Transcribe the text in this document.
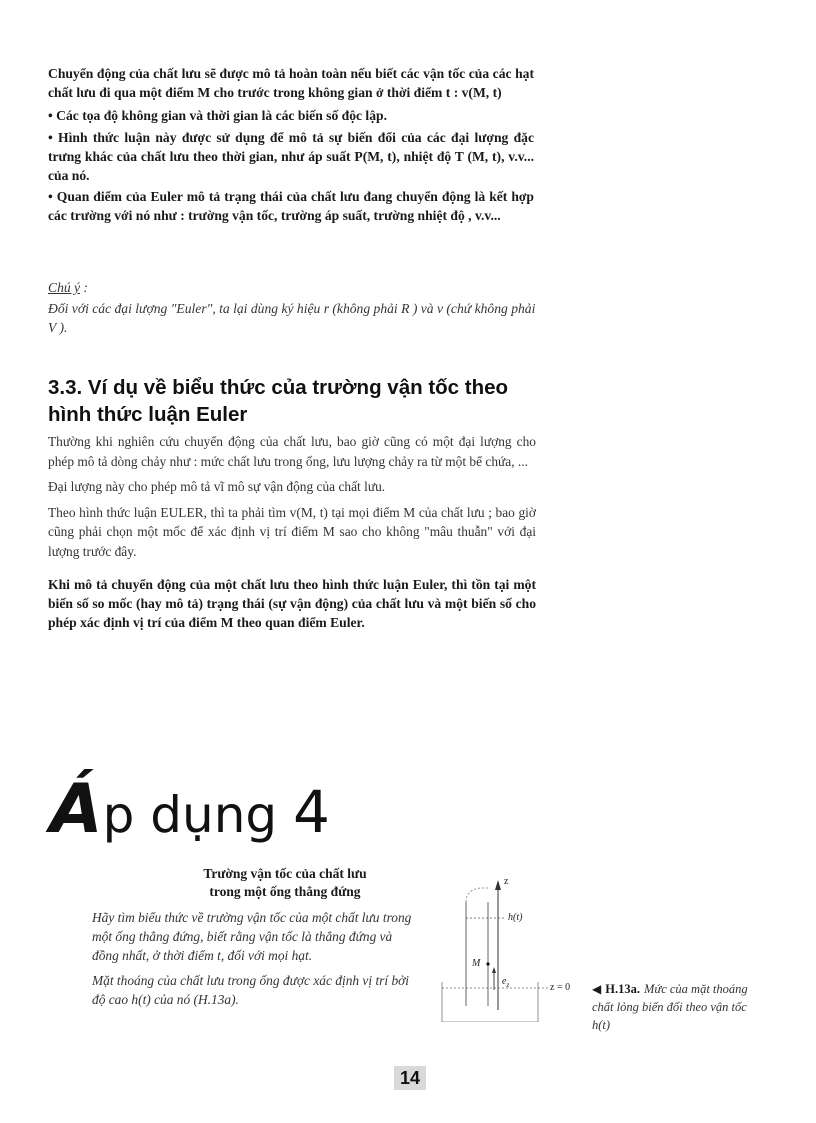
Chuyển động của chất lưu sẽ được mô tả hoàn toàn nếu biết các vận tốc của các hạt chất lưu đi qua một điểm M cho trước trong không gian ở thời điểm t : v(M, t)

• Các tọa độ không gian và thời gian là các biến số độc lập.

• Hình thức luận này được sử dụng để mô tả sự biến đổi của các đại lượng đặc trưng khác của chất lưu theo thời gian, như áp suất P(M, t), nhiệt độ T (M, t), v.v... của nó.

• Quan điểm của Euler mô tả trạng thái của chất lưu đang chuyển động là kết hợp các trường với nó như : trường vận tốc, trường áp suất, trường nhiệt độ , v.v...

Chú ý :

Đối với các đại lượng "Euler", ta lại dùng ký hiệu r (không phải R ) và v (chứ không phải V ).

3.3. Ví dụ về biểu thức của trường vận tốc theo hình thức luận Euler

Thường khi nghiên cứu chuyển động của chất lưu, bao giờ cũng có một đại lượng cho phép mô tả dòng chảy như : mức chất lưu trong ống, lưu lượng chảy ra từ một bể chứa, ...

Đại lượng này cho phép mô tả vĩ mô sự vận động của chất lưu.

Theo hình thức luận EULER, thì ta phải tìm v(M, t) tại mọi điểm M của chất lưu ; bao giờ cũng phải chọn một mốc để xác định vị trí điểm M sao cho không "mâu thuẫn" với đại lượng trước đây.

Khi mô tả chuyển động của một chất lưu theo hình thức luận Euler, thì tồn tại một biến số so mốc (hay mô tả) trạng thái (sự vận động) của chất lưu và một biến số cho phép xác định vị trí của điểm M theo quan điểm Euler.

Áp dụng 4

Trường vận tốc của chất lưu

trong một ống thẳng đứng

Hãy tìm biểu thức về trường vận tốc của một chất lưu trong một ống thẳng đứng, biết rằng vận tốc là thẳng đứng và đồng nhất, ở thời điểm t, đối với mọi hạt.

Mặt thoáng của chất lưu trong ống được xác định vị trí bởi độ cao h(t) của nó (H.13a).

z
h(t)
M
$e_z$	z = 0 ◀ H.13a. Mức của mặt thoáng chất lỏng biến đổi theo vận tốc h(t)
14
